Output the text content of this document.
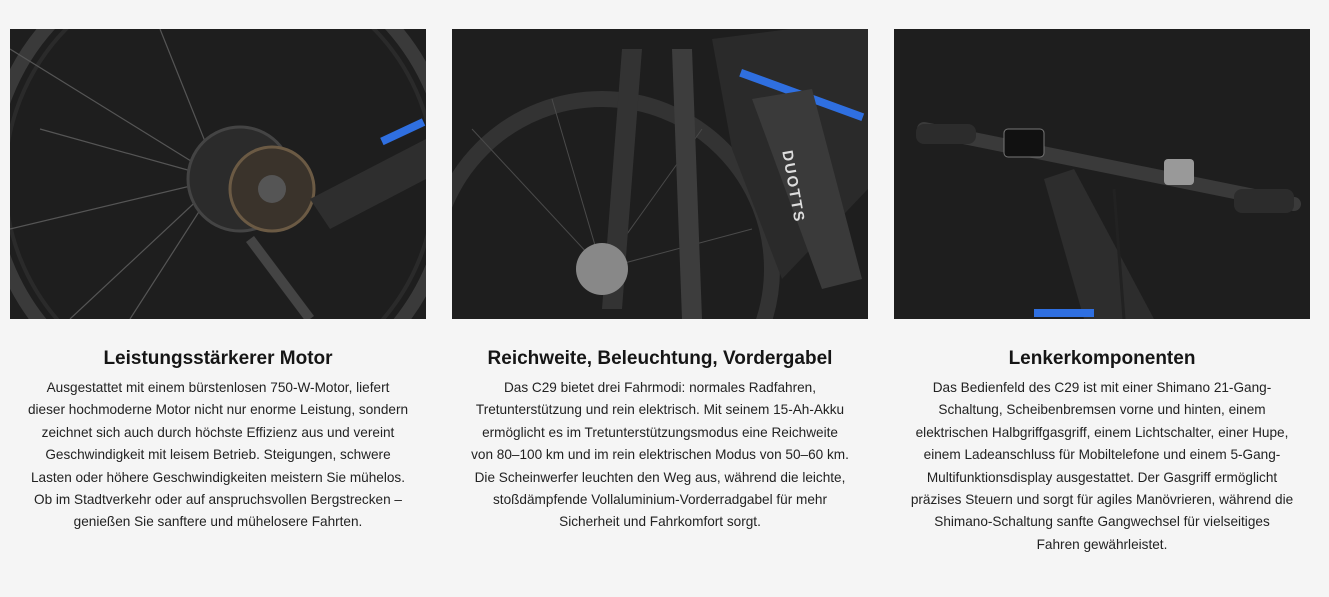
Leistungsstärkerer Motor
Ausgestattet mit einem bürstenlosen 750-W-Motor, liefert
dieser hochmoderne Motor nicht nur enorme Leistung, sondern
zeichnet sich auch durch höchste Effizienz aus und vereint
Geschwindigkeit mit leisem Betrieb. Steigungen, schwere
Lasten oder höhere Geschwindigkeiten meistern Sie mühelos.
Ob im Stadtverkehr oder auf anspruchsvollen Bergstrecken –
genießen Sie sanftere und mühelosere Fahrten.
DUOTTS
Reichweite, Beleuchtung, Vordergabel
Das C29 bietet drei Fahrmodi: normales Radfahren,
Tretunterstützung und rein elektrisch. Mit seinem 15-Ah-Akku
ermöglicht es im Tretunterstützungsmodus eine Reichweite
von 80–100 km und im rein elektrischen Modus von 50–60 km.
Die Scheinwerfer leuchten den Weg aus, während die leichte,
stoßdämpfende Vollaluminium-Vorderradgabel für mehr
Sicherheit und Fahrkomfort sorgt.
Lenkerkomponenten
Das Bedienfeld des C29 ist mit einer Shimano 21-Gang-
Schaltung, Scheibenbremsen vorne und hinten, einem
elektrischen Halbgriffgasgriff, einem Lichtschalter, einer Hupe,
einem Ladeanschluss für Mobiltelefone und einem 5-Gang-
Multifunktionsdisplay ausgestattet. Der Gasgriff ermöglicht
präzises Steuern und sorgt für agiles Manövrieren, während die
Shimano-Schaltung sanfte Gangwechsel für vielseitiges
Fahren gewährleistet.
